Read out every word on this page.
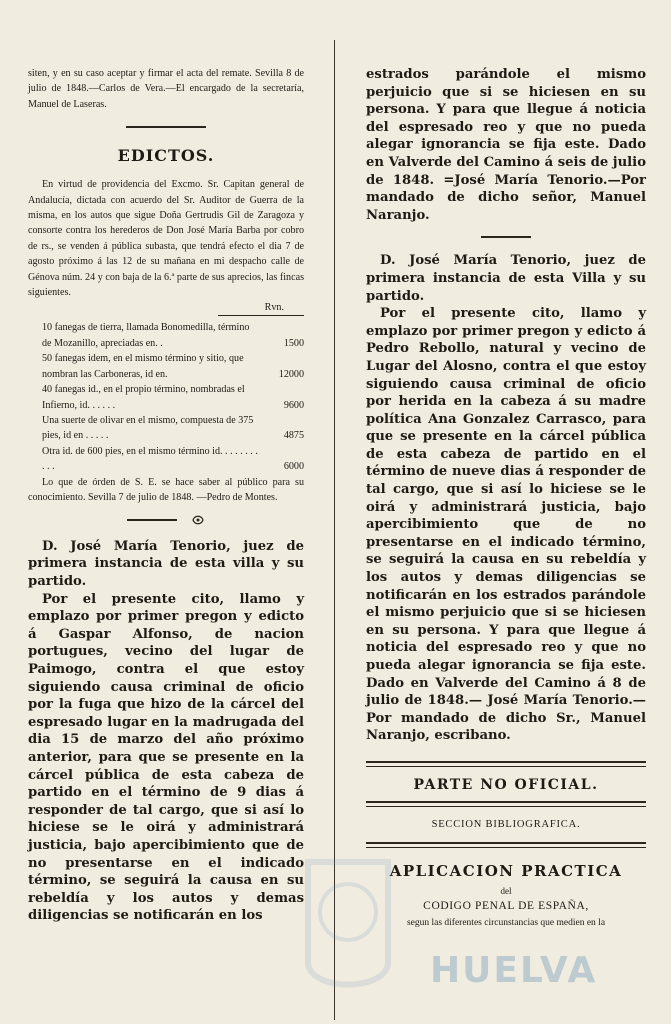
siten, y en su caso aceptar y firmar el acta del remate. Sevilla 8 de julio de 1848.—Carlos de Vera.—El encargado de la secretaría, Manuel de Laseras.

EDICTOS.

En virtud de providencia del Excmo. Sr. Capitan general de Andalucía, dictada con acuerdo del Sr. Auditor de Guerra de la misma, en los autos que sigue Doña Gertrudis Gil de Zaragoza y consorte contra los herederos de Don José María Barba por cobro de rs., se venden á pública subasta, que tendrá efecto el dia 7 de agosto próximo á las 12 de su mañana en mi despacho calle de Génova núm. 24 y con baja de la 6.ª parte de sus aprecios, las fincas siguientes.

Rvn.
10 fanegas de tierra, llamada Bonomedilla, término de Mozanillo, apreciadas en. .	1500
50 fanegas idem, en el mismo término y sitio, que nombran las Carboneras, id en.	12000
40 fanegas id., en el propio término, nombradas el Infierno, id. . . . . .	9600
Una suerte de olivar en el mismo, compuesta de 375 pies, id en . . . . .	4875
Otra id. de 600 pies, en el mismo término id. . . . . . . . . . .	6000

Lo que de órden de S. E. se hace saber al público para su conocimiento. Sevilla 7 de julio de 1848. —Pedro de Montes.

D. José María Tenorio, juez de primera instancia de esta villa y su partido.

Por el presente cito, llamo y emplazo por primer pregon y edicto á Gaspar Alfonso, de nacion portugues, vecino del lugar de Paimogo, contra el que estoy siguiendo causa criminal de oficio por la fuga que hizo de la cárcel del espresado lugar en la madrugada del dia 15 de marzo del año próximo anterior, para que se presente en la cárcel pública de esta cabeza de partido en el término de 9 dias á responder de tal cargo, que si así lo hiciese se le oirá y administrará justicia, bajo apercibimiento que de no presentarse en el indicado término, se seguirá la causa en su rebeldía y los autos y demas diligencias se notificarán en los

estrados parándole el mismo perjuicio que si se hiciesen en su persona. Y para que llegue á noticia del espresado reo y que no pueda alegar ignorancia se fija este. Dado en Valverde del Camino á seis de julio de 1848. =José María Tenorio.—Por mandado de dicho señor, Manuel Naranjo.

D. José María Tenorio, juez de primera instancia de esta Villa y su partido.

Por el presente cito, llamo y emplazo por primer pregon y edicto á Pedro Rebollo, natural y vecino de Lugar del Alosno, contra el que estoy siguiendo causa criminal de oficio por herida en la cabeza á su madre política Ana Gonzalez Carrasco, para que se presente en la cárcel pública de esta cabeza de partido en el término de nueve dias á responder de tal cargo, que si así lo hiciese se le oirá y administrará justicia, bajo apercibimiento que de no presentarse en el indicado término, se seguirá la causa en su rebeldía y los autos y demas diligencias se notificarán en los estrados parándole el mismo perjuicio que si se hiciesen en su persona. Y para que llegue á noticia del espresado reo y que no pueda alegar ignorancia se fija este. Dado en Valverde del Camino á 8 de julio de 1848.— José María Tenorio.—Por mandado de dicho Sr., Manuel Naranjo, escribano.

PARTE NO OFICIAL.
SECCION BIBLIOGRAFICA.
APLICACION PRACTICA
del
CODIGO PENAL DE ESPAÑA,
segun las diferentes circunstancias que medien en la
HUELVA
